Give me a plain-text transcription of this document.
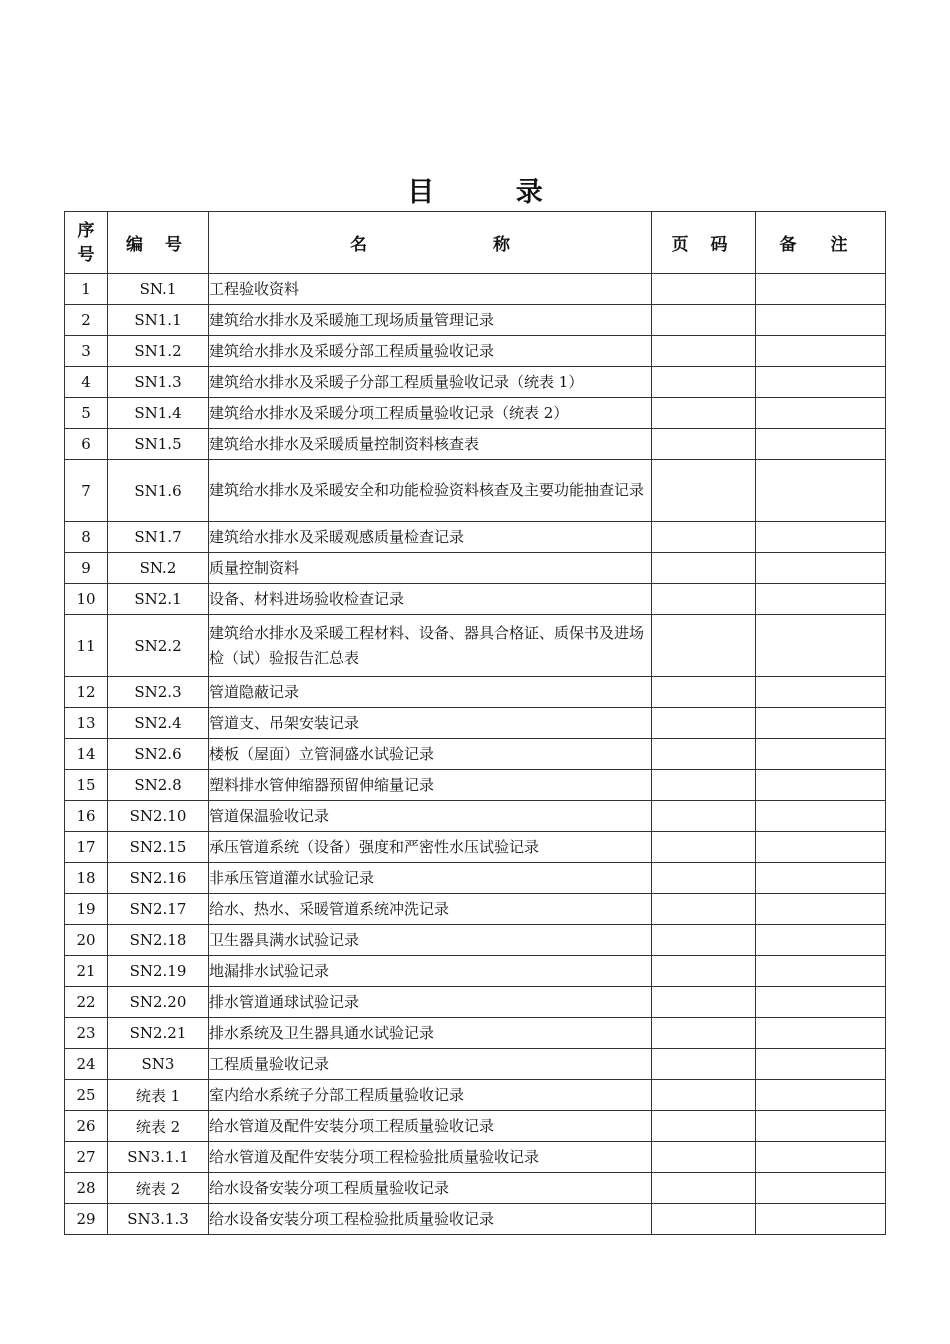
目 录
序号	编 号	名 称	页 码	备 注
1	SN.1	工程验收资料		
2	SN1.1	建筑给水排水及采暖施工现场质量管理记录		
3	SN1.2	建筑给水排水及采暖分部工程质量验收记录		
4	SN1.3	建筑给水排水及采暖子分部工程质量验收记录（统表 1）		
5	SN1.4	建筑给水排水及采暖分项工程质量验收记录（统表 2）		
6	SN1.5	建筑给水排水及采暖质量控制资料核查表		
7	SN1.6	建筑给水排水及采暖安全和功能检验资料核查及主要功能抽查记录		
8	SN1.7	建筑给水排水及采暖观感质量检查记录		
9	SN.2	质量控制资料		
10	SN2.1	设备、材料进场验收检查记录		
11	SN2.2	建筑给水排水及采暖工程材料、设备、器具合格证、质保书及进场检（试）验报告汇总表		
12	SN2.3	管道隐蔽记录		
13	SN2.4	管道支、吊架安装记录		
14	SN2.6	楼板（屋面）立管洞盛水试验记录		
15	SN2.8	塑料排水管伸缩器预留伸缩量记录		
16	SN2.10	管道保温验收记录		
17	SN2.15	承压管道系统（设备）强度和严密性水压试验记录		
18	SN2.16	非承压管道灌水试验记录		
19	SN2.17	给水、热水、采暖管道系统冲洗记录		
20	SN2.18	卫生器具满水试验记录		
21	SN2.19	地漏排水试验记录		
22	SN2.20	排水管道通球试验记录		
23	SN2.21	排水系统及卫生器具通水试验记录		
24	SN3	工程质量验收记录		
25	统表 1	室内给水系统子分部工程质量验收记录		
26	统表 2	给水管道及配件安装分项工程质量验收记录		
27	SN3.1.1	给水管道及配件安装分项工程检验批质量验收记录		
28	统表 2	给水设备安装分项工程质量验收记录		
29	SN3.1.3	给水设备安装分项工程检验批质量验收记录		
